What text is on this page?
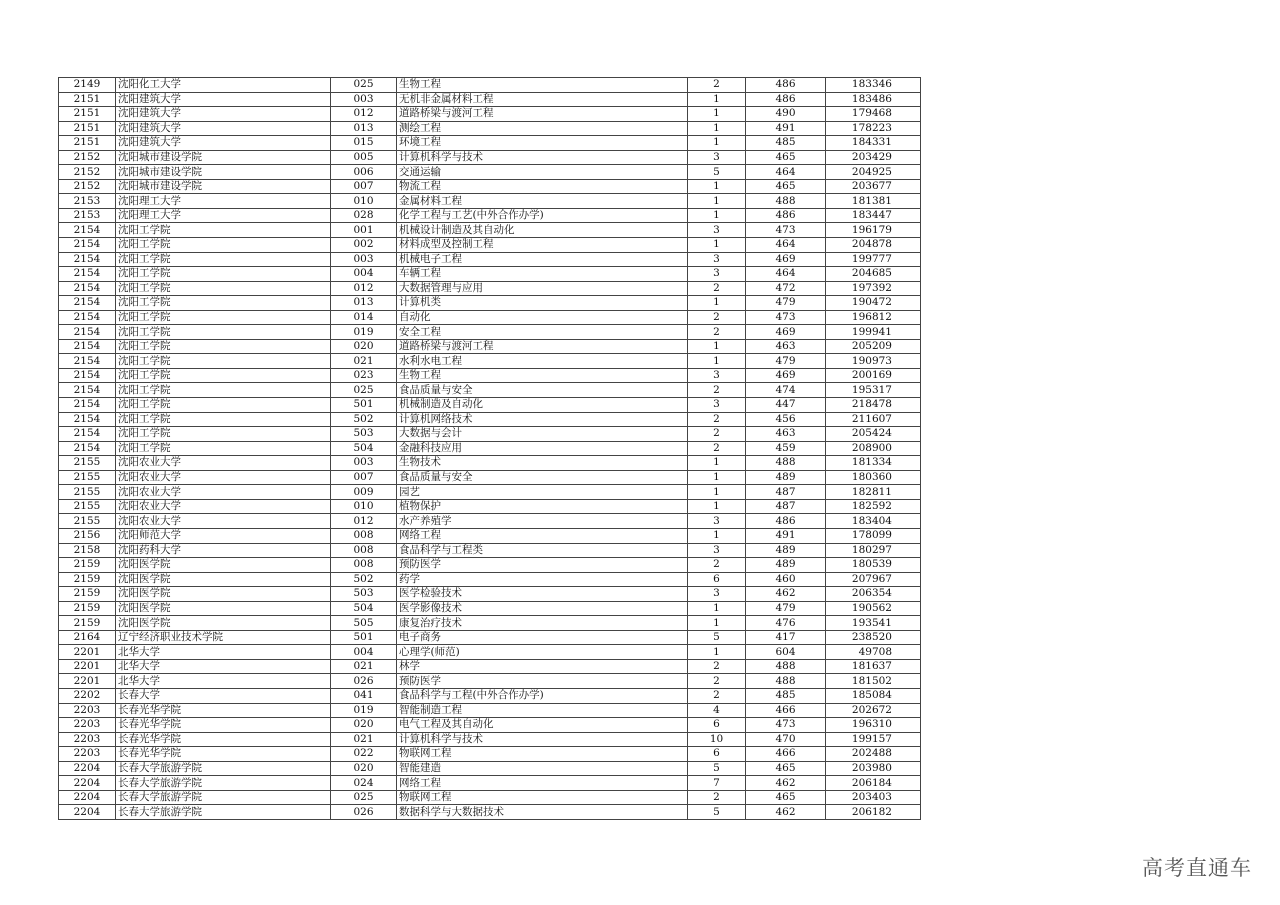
2149	沈阳化工大学	025	生物工程	2	486	183346
2151	沈阳建筑大学	003	无机非金属材料工程	1	486	183486
2151	沈阳建筑大学	012	道路桥梁与渡河工程	1	490	179468
2151	沈阳建筑大学	013	测绘工程	1	491	178223
2151	沈阳建筑大学	015	环境工程	1	485	184331
2152	沈阳城市建设学院	005	计算机科学与技术	3	465	203429
2152	沈阳城市建设学院	006	交通运输	5	464	204925
2152	沈阳城市建设学院	007	物流工程	1	465	203677
2153	沈阳理工大学	010	金属材料工程	1	488	181381
2153	沈阳理工大学	028	化学工程与工艺(中外合作办学)	1	486	183447
2154	沈阳工学院	001	机械设计制造及其自动化	3	473	196179
2154	沈阳工学院	002	材料成型及控制工程	1	464	204878
2154	沈阳工学院	003	机械电子工程	3	469	199777
2154	沈阳工学院	004	车辆工程	3	464	204685
2154	沈阳工学院	012	大数据管理与应用	2	472	197392
2154	沈阳工学院	013	计算机类	1	479	190472
2154	沈阳工学院	014	自动化	2	473	196812
2154	沈阳工学院	019	安全工程	2	469	199941
2154	沈阳工学院	020	道路桥梁与渡河工程	1	463	205209
2154	沈阳工学院	021	水利水电工程	1	479	190973
2154	沈阳工学院	023	生物工程	3	469	200169
2154	沈阳工学院	025	食品质量与安全	2	474	195317
2154	沈阳工学院	501	机械制造及自动化	3	447	218478
2154	沈阳工学院	502	计算机网络技术	2	456	211607
2154	沈阳工学院	503	大数据与会计	2	463	205424
2154	沈阳工学院	504	金融科技应用	2	459	208900
2155	沈阳农业大学	003	生物技术	1	488	181334
2155	沈阳农业大学	007	食品质量与安全	1	489	180360
2155	沈阳农业大学	009	园艺	1	487	182811
2155	沈阳农业大学	010	植物保护	1	487	182592
2155	沈阳农业大学	012	水产养殖学	3	486	183404
2156	沈阳师范大学	008	网络工程	1	491	178099
2158	沈阳药科大学	008	食品科学与工程类	3	489	180297
2159	沈阳医学院	008	预防医学	2	489	180539
2159	沈阳医学院	502	药学	6	460	207967
2159	沈阳医学院	503	医学检验技术	3	462	206354
2159	沈阳医学院	504	医学影像技术	1	479	190562
2159	沈阳医学院	505	康复治疗技术	1	476	193541
2164	辽宁经济职业技术学院	501	电子商务	5	417	238520
2201	北华大学	004	心理学(师范)	1	604	49708
2201	北华大学	021	林学	2	488	181637
2201	北华大学	026	预防医学	2	488	181502
2202	长春大学	041	食品科学与工程(中外合作办学)	2	485	185084
2203	长春光华学院	019	智能制造工程	4	466	202672
2203	长春光华学院	020	电气工程及其自动化	6	473	196310
2203	长春光华学院	021	计算机科学与技术	10	470	199157
2203	长春光华学院	022	物联网工程	6	466	202488
2204	长春大学旅游学院	020	智能建造	5	465	203980
2204	长春大学旅游学院	024	网络工程	7	462	206184
2204	长春大学旅游学院	025	物联网工程	2	465	203403
2204	长春大学旅游学院	026	数据科学与大数据技术	5	462	206182
高考直通车
